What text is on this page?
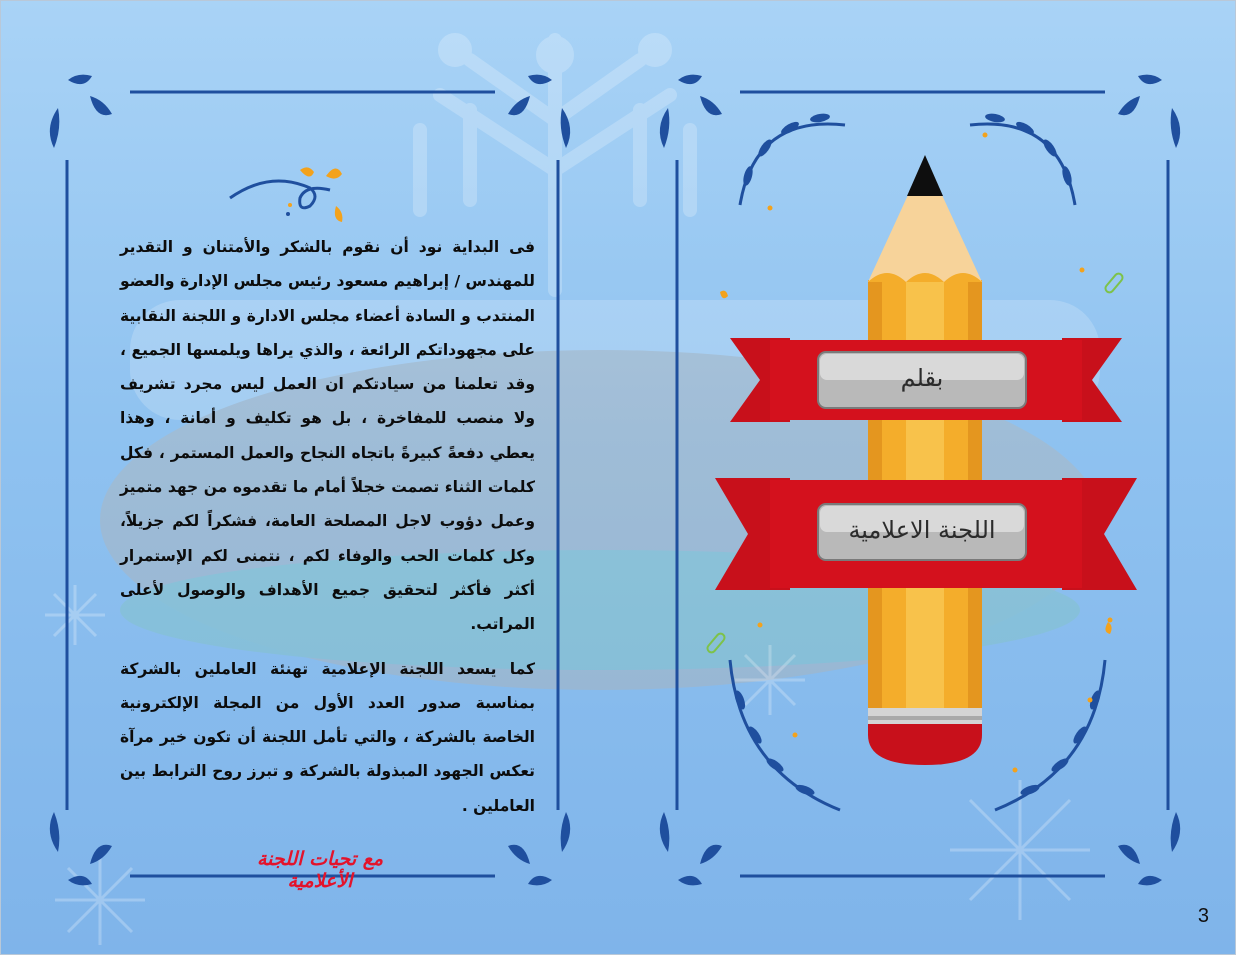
بقلم
اللجنة الاعلامية

فى البداية نود أن نقوم بالشكر والأمتنان و التقدير للمهندس / إبراهيم مسعود رئيس مجلس الإدارة والعضو المنتدب و السادة أعضاء مجلس الادارة و اللجنة النقابية على مجهوداتكم الرائعة ، والذي يراها ويلمسها الجميع ، وقد تعلمنا من سيادتكم ان العمل ليس مجرد تشريف ولا منصب للمفاخرة ، بل هو تكليف و أمانة ، وهذا يعطي دفعةً كبيرةً باتجاه النجاح والعمل المستمر ، فكل كلمات الثناء تصمت خجلاً أمام ما تقدموه من جهد متميز وعمل دؤوب لاجل المصلحة العامة، فشكراً لكم جزيلاً، وكل كلمات الحب والوفاء لكم ، نتمنى لكم الإستمرار أكثر فأكثر لتحقيق جميع الأهداف والوصول لأعلى المراتب.

كما يسعد اللجنة الإعلامية تهنئة العاملين بالشركة بمناسبة صدور العدد الأول من المجلة الإلكترونية الخاصة بالشركة ، والتي تأمل اللجنة أن تكون خير مرآة تعكس الجهود المبذولة بالشركة و تبرز روح الترابط بين العاملين .

مع تحيات اللجنة الأعلامية
3
